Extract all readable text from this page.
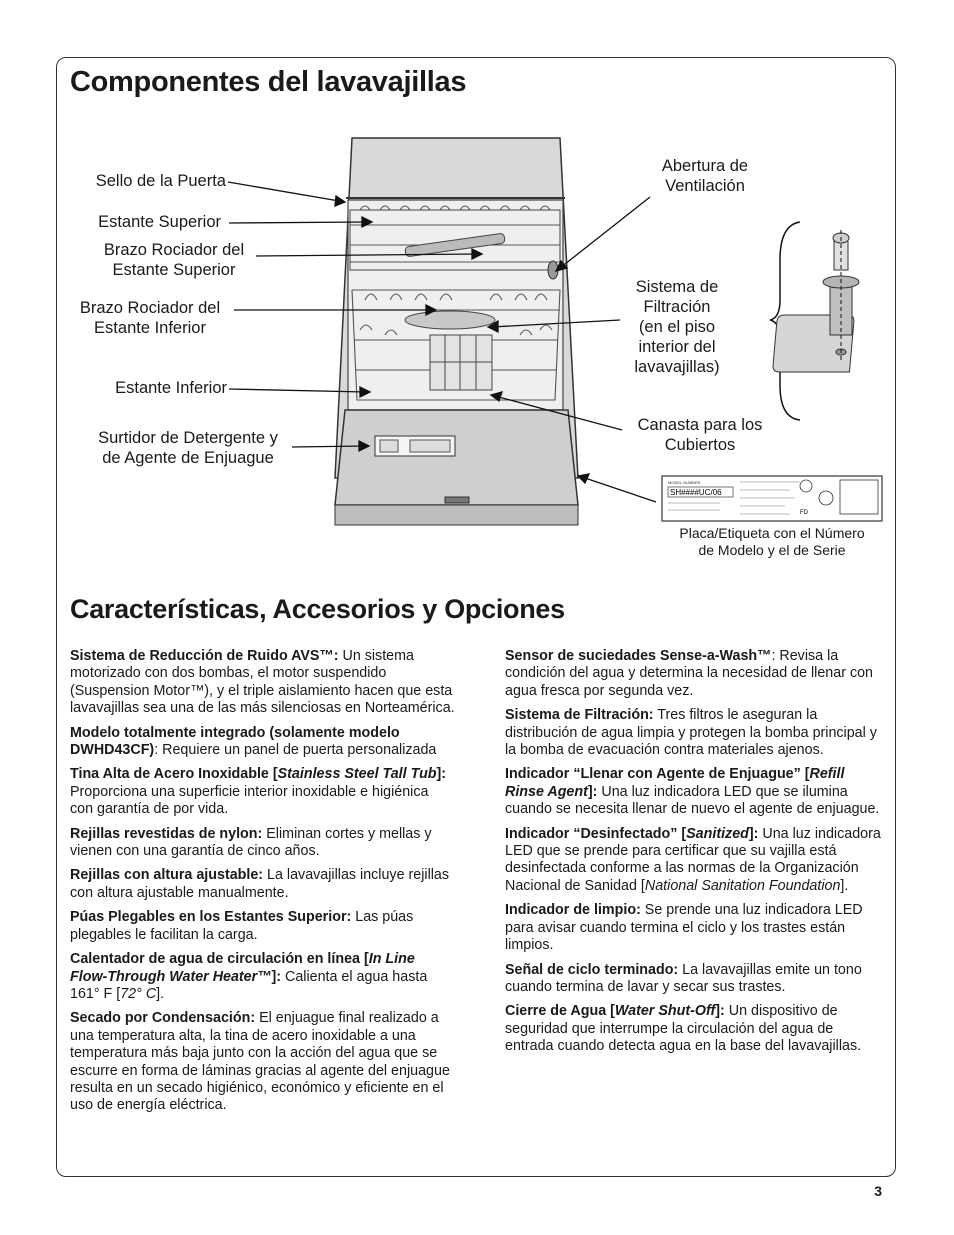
Componentes del lavavajillas
SH####UC/06
MODEL NUMBER
FD
Sello de la Puerta
Estante Superior
Brazo Rociador del
Estante Superior
Brazo Rociador del
Estante Inferior
Estante Inferior
Surtidor de Detergente y
de Agente de Enjuague
Abertura de
Ventilación
Sistema de
Filtración
(en el piso
interior del
lavavajillas)
Canasta para los
Cubiertos
Placa/Etiqueta con el Número
de Modelo y el de Serie
Características, Accesorios y Opciones

Sistema de Reducción de Ruido AVS™: Un sistema motorizado con dos bombas, el motor suspendido (Suspension Motor™), y el triple aislamiento hacen que esta lavavajillas sea una de las más silenciosas en Norteamérica.

Modelo totalmente integrado (solamente modelo DWHD43CF): Requiere un panel de puerta personalizada

Tina Alta de Acero Inoxidable [Stainless Steel Tall Tub]: Proporciona una superficie interior inoxidable e higiénica con garantía de por vida.

Rejillas revestidas de nylon: Eliminan cortes y mellas y vienen con una garantía de cinco años.

Rejillas con altura ajustable: La lavavajillas incluye rejillas con altura ajustable manualmente.

Púas Plegables en los Estantes Superior: Las púas plegables le facilitan la carga.

Calentador de agua de circulación en línea [In Line Flow-Through Water Heater™]: Calienta el agua hasta 161° F [72° C].

Secado por Condensación: El enjuague final realizado a una temperatura alta, la tina de acero inoxidable a una temperatura más baja junto con la acción del agua que se escurre en forma de láminas gracias al agente del enjuague resulta en un secado higiénico, económico y eficiente en el uso de energía eléctrica.

Sensor de suciedades Sense-a-Wash™: Revisa la condición del agua y determina la necesidad de llenar con agua fresca por segunda vez.

Sistema de Filtración: Tres filtros le aseguran la distribución de agua limpia y protegen la bomba principal y la bomba de evacuación contra materiales ajenos.

Indicador “Llenar con Agente de Enjuague” [Refill Rinse Agent]: Una luz indicadora LED que se ilumina cuando se necesita llenar de nuevo el agente de enjuague.

Indicador “Desinfectado” [Sanitized]: Una luz indicadora LED que se prende para certificar que su vajilla está desinfectada conforme a las normas de la Organización Nacional de Sanidad [National Sanitation Foundation].

Indicador de limpio: Se prende una luz indicadora LED para avisar cuando termina el ciclo y los trastes están limpios.

Señal de ciclo terminado: La lavavajillas emite un tono cuando termina de lavar y secar sus trastes.

Cierre de Agua [Water Shut-Off]: Un dispositivo de seguridad que interrumpe la circulación del agua de entrada cuando detecta agua en la base del lavavajillas.

3
